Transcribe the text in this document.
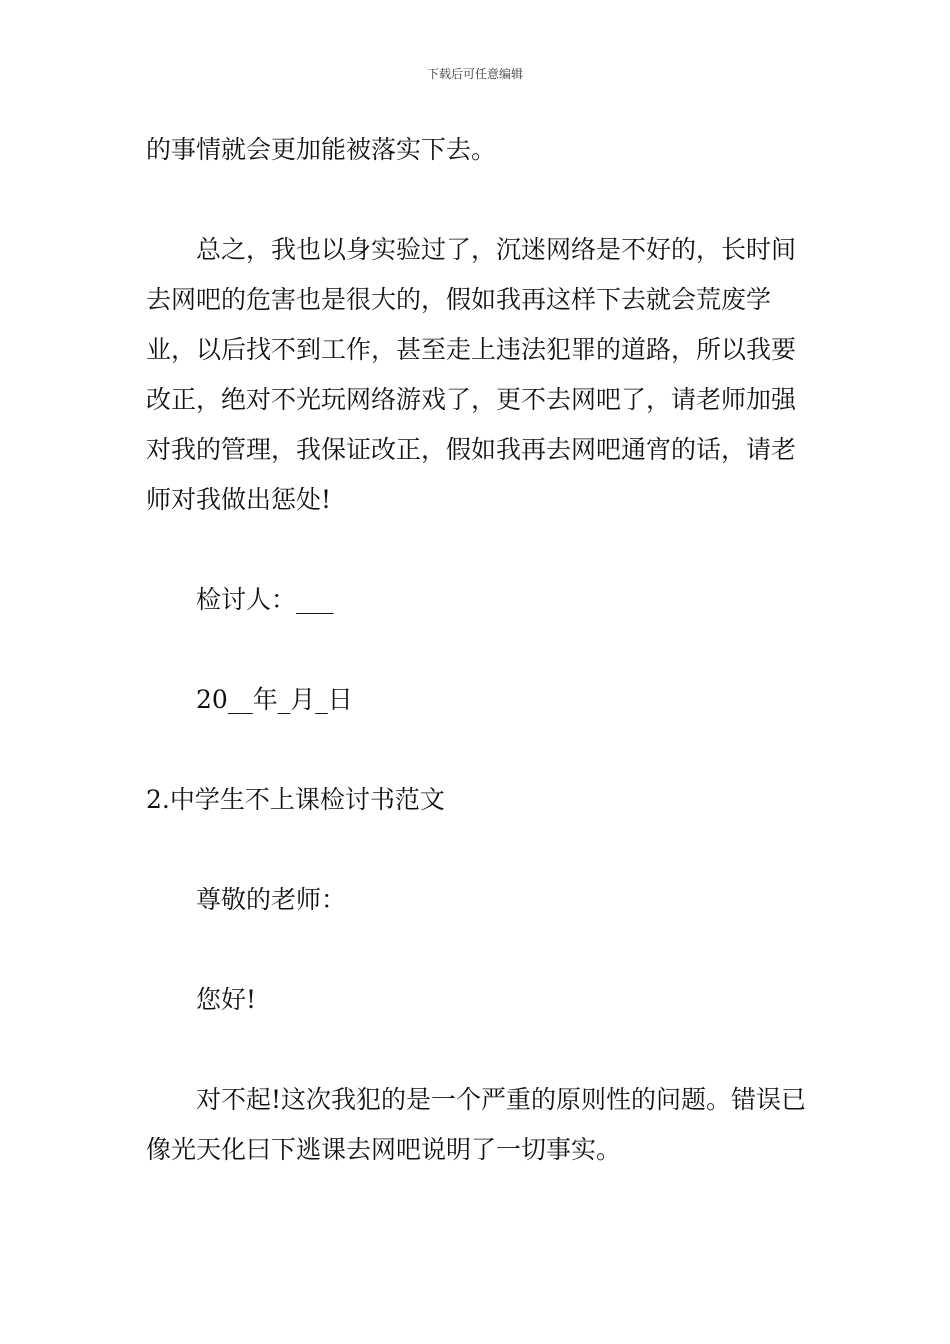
下载后可任意编辑

的事情就会更加能被落实下去。

总之，我也以身实验过了，沉迷网络是不好的，长时间去网吧的危害也是很大的，假如我再这样下去就会荒废学业，以后找不到工作，甚至走上违法犯罪的道路，所以我要改正，绝对不光玩网络游戏了，更不去网吧了，请老师加强对我的管理，我保证改正，假如我再去网吧通宵的话，请老师对我做出惩处!

检讨人：___

20__年_月_日

2.中学生不上课检讨书范文

尊敬的老师：

您好!

对不起!这次我犯的是一个严重的原则性的问题。错误已像光天化曰下逃课去网吧说明了一切事实。
